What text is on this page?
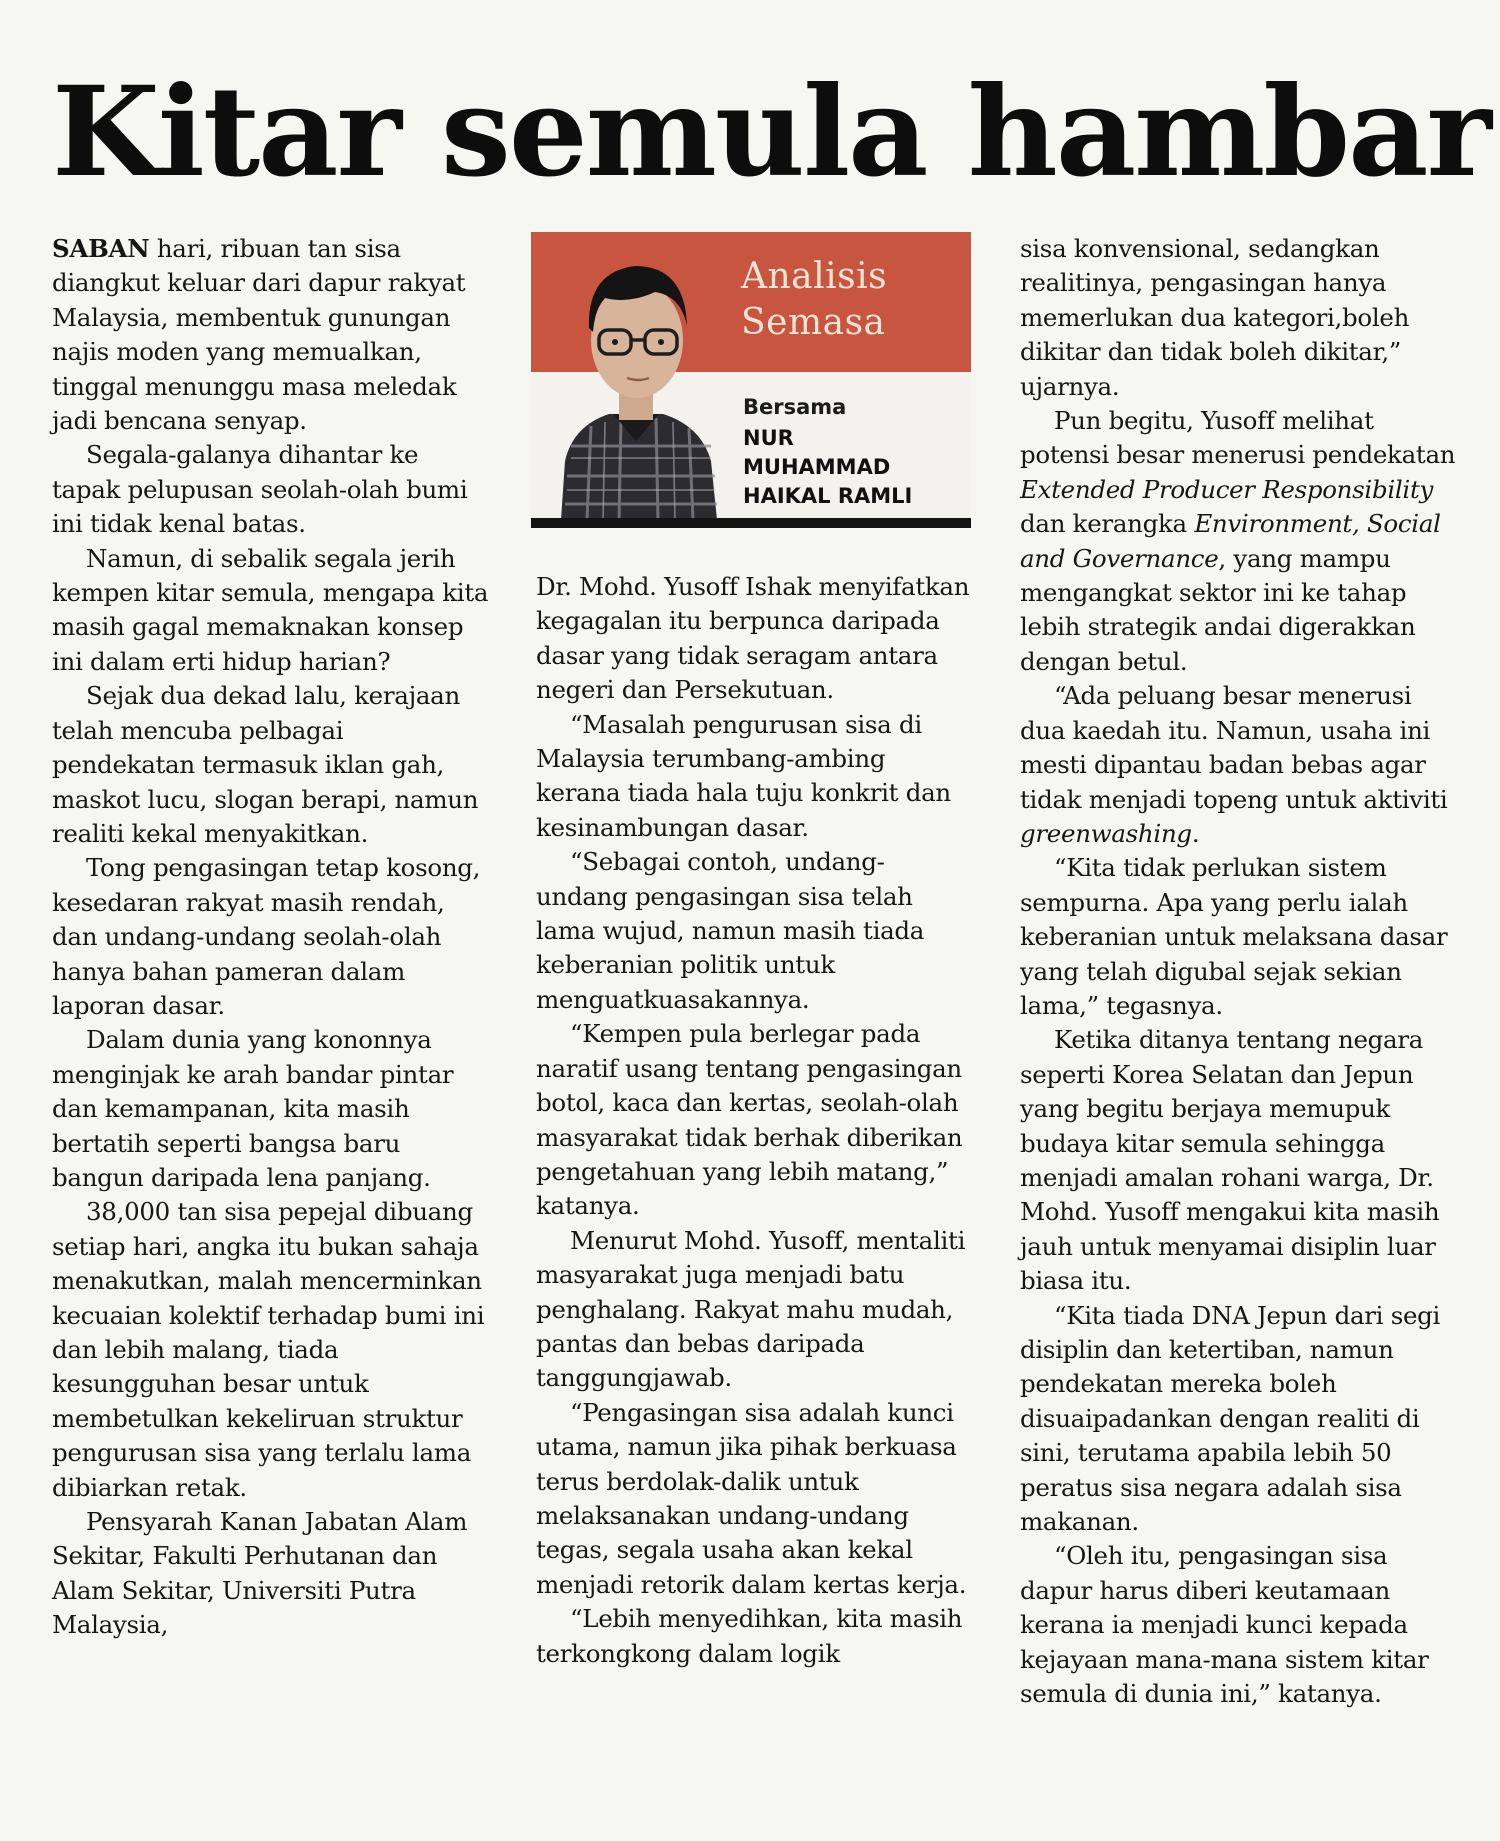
Kitar semula hambar

SABAN hari, ribuan tan sisa diangkut keluar dari dapur rakyat Malaysia, membentuk gunungan najis moden yang memualkan, tinggal menunggu masa meledak jadi bencana senyap.

Segala-galanya dihantar ke tapak pelupusan seolah-olah bumi ini tidak kenal batas.

Namun, di sebalik segala jerih kempen kitar semula, mengapa kita masih gagal memaknakan konsep ini dalam erti hidup harian?

Sejak dua dekad lalu, kerajaan telah mencuba pelbagai pendekatan termasuk iklan gah, maskot lucu, slogan berapi, namun realiti kekal menyakitkan.

Tong pengasingan tetap kosong, kesedaran rakyat masih rendah, dan undang-undang seolah-olah hanya bahan pameran dalam laporan dasar.

Dalam dunia yang kononnya menginjak ke arah bandar pintar dan kemampanan, kita masih bertatih seperti bangsa baru bangun daripada lena panjang.

38,000 tan sisa pepejal dibuang setiap hari, angka itu bukan sahaja menakutkan, malah mencerminkan kecuaian kolektif terhadap bumi ini dan lebih malang, tiada kesungguhan besar untuk membetulkan kekeliruan struktur pengurusan sisa yang terlalu lama dibiarkan retak.

Pensyarah Kanan Jabatan Alam Sekitar, Fakulti Perhutanan dan Alam Sekitar, Universiti Putra Malaysia,

Analisis
Semasa
Bersama
NUR
MUHAMMAD
HAIKAL RAMLI

Dr. Mohd. Yusoff Ishak menyifatkan kegagalan itu berpunca daripada dasar yang tidak seragam antara negeri dan Persekutuan.

“Masalah pengurusan sisa di Malaysia terumbang-ambing kerana tiada hala tuju konkrit dan kesinambungan dasar.

“Sebagai contoh, undang-undang pengasingan sisa telah lama wujud, namun masih tiada keberanian politik untuk menguatkuasakannya.

“Kempen pula berlegar pada naratif usang tentang pengasingan botol, kaca dan kertas, seolah-olah masyarakat tidak berhak diberikan pengetahuan yang lebih matang,” katanya.

Menurut Mohd. Yusoff, mentaliti masyarakat juga menjadi batu penghalang. Rakyat mahu mudah, pantas dan bebas daripada tanggungjawab.

“Pengasingan sisa adalah kunci utama, namun jika pihak berkuasa terus berdolak-dalik untuk melaksanakan undang-undang tegas, segala usaha akan kekal menjadi retorik dalam kertas kerja.

“Lebih menyedihkan, kita masih terkongkong dalam logik

sisa konvensional, sedangkan realitinya, pengasingan hanya memerlukan dua kategori,boleh dikitar dan tidak boleh dikitar,” ujarnya.

Pun begitu, Yusoff melihat potensi besar menerusi pendekatan Extended Producer Responsibility dan kerangka Environment, Social and Governance, yang mampu mengangkat sektor ini ke tahap lebih strategik andai digerakkan dengan betul.

“Ada peluang besar menerusi dua kaedah itu. Namun, usaha ini mesti dipantau badan bebas agar tidak menjadi topeng untuk aktiviti greenwashing.

“Kita tidak perlukan sistem sempurna. Apa yang perlu ialah keberanian untuk melaksana dasar yang telah digubal sejak sekian lama,” tegasnya.

Ketika ditanya tentang negara seperti Korea Selatan dan Jepun yang begitu berjaya memupuk budaya kitar semula sehingga menjadi amalan rohani warga, Dr. Mohd. Yusoff mengakui kita masih jauh untuk menyamai disiplin luar biasa itu.

“Kita tiada DNA Jepun dari segi disiplin dan ketertiban, namun pendekatan mereka boleh disuaipadankan dengan realiti di sini, terutama apabila lebih 50 peratus sisa negara adalah sisa makanan.

“Oleh itu, pengasingan sisa dapur harus diberi keutamaan kerana ia menjadi kunci kepada kejayaan mana-mana sistem kitar semula di dunia ini,” katanya.
